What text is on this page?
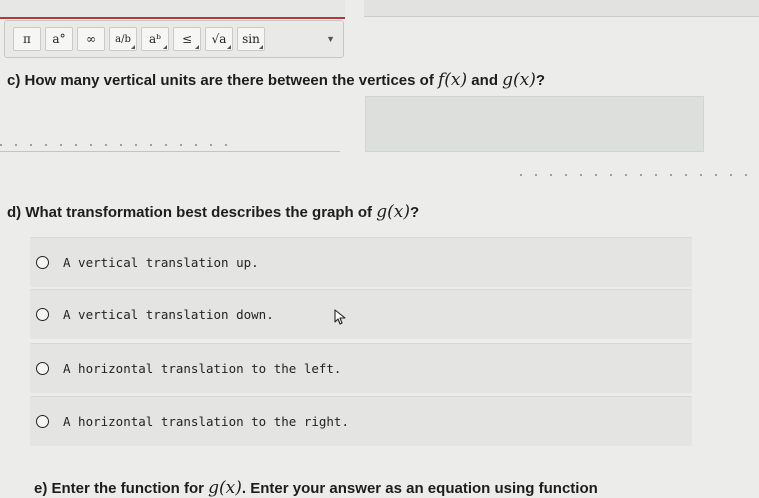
π a° ∞ a/b aᵇ ≤ √a sin	▼
c) How many vertical units are there between the vertices of f(x) and g(x)?
d) What transformation best describes the graph of g(x)?
A vertical translation up.
A vertical translation down.
A horizontal translation to the left.
A horizontal translation to the right.
e) Enter the function for g(x). Enter your answer as an equation using function
